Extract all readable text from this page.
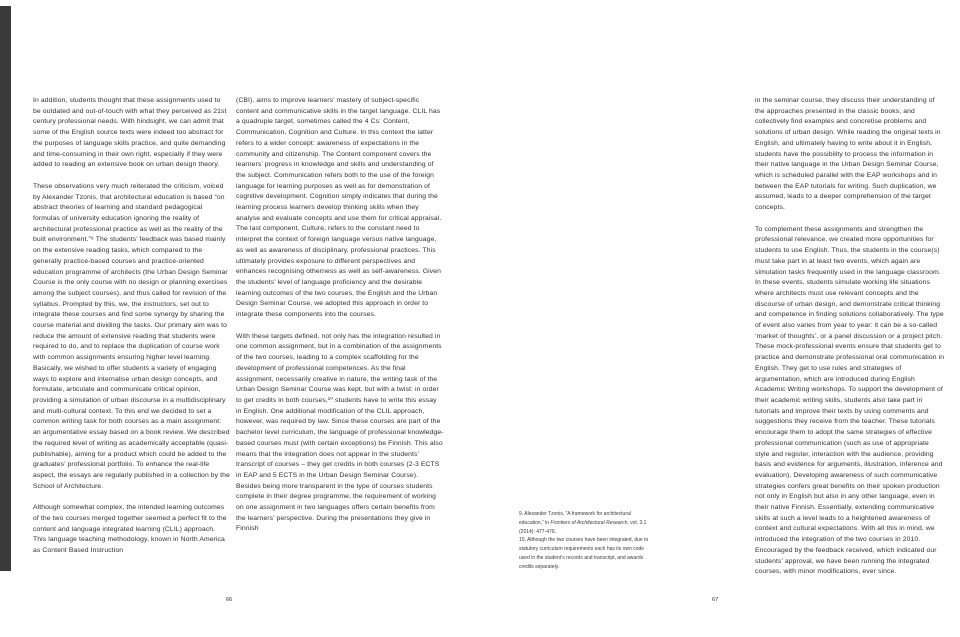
In addition, students thought that these assignments used to be outdated and out-of-touch with what they perceived as 21st century professional needs. With hindsight, we can admit that some of the English source texts were indeed too abstract for the purposes of language skills practice, and quite demanding and time-consuming in their own right, especially if they were added to reading an extensive book on urban design theory.

These observations very much reiterated the criticism, voiced by Alexander Tzonis, that architectural education is based “on abstract theories of learning and standard pedagogical formulas of university education ignoring the reality of architectural professional practice as well as the reality of the built environment.”⁹ The students’ feedback was based mainly on the extensive reading tasks, which compared to the generally practice-based courses and practice-oriented education programme of architects (the Urban Design Seminar Course is the only course with no design or planning exercises among the subject courses), and thus called for revision of the syllabus. Prompted by this, we, the instructors, set out to integrate these courses and find some synergy by sharing the course material and dividing the tasks. Our primary aim was to reduce the amount of extensive reading that students were required to do, and to replace the duplication of course work with common assignments ensuring higher level learning. Basically, we wished to offer students a variety of engaging ways to explore and internalise urban design concepts, and formulate, articulate and communicate critical opinion, providing a simulation of urban discourse in a multidisciplinary and multi-cultural context. To this end we decided to set a common writing task for both courses as a main assignment: an argumentative essay based on a book review. We described the required level of writing as academically acceptable (quasi-publishable), aiming for a product which could be added to the graduates’ professional portfolio. To enhance the real-life aspect, the essays are regularly published in a collection by the School of Architecture.

Although somewhat complex, the intended learning outcomes of the two courses merged together seemed a perfect fit to the content and language integrated learning (CLIL) approach. This language teaching methodology, known in North America as Content Based Instruction

(CBI), aims to improve learners’ mastery of subject-specific content and communicative skills in the target language. CLIL has a quadruple target, sometimes called the 4 Cs: Content, Communication, Cognition and Culture. In this context the latter refers to a wider concept: awareness of expectations in the community and citizenship. The Content component covers the learners’ progress in knowledge and skills and understanding of the subject. Communication refers both to the use of the foreign language for learning purposes as well as for demonstration of cognitive development. Cognition simply indicates that during the learning process learners develop thinking skills when they analyse and evaluate concepts and use them for critical appraisal. The last component, Culture, refers to the constant need to interpret the context of foreign language versus native language, as well as awareness of disciplinary, professional practices. This ultimately provides exposure to different perspectives and enhances recognising otherness as well as self-awareness. Given the students’ level of language proficiency and the desirable learning outcomes of the two courses, the English and the Urban Design Seminar Course, we adopted this approach in order to integrate these components into the courses.

With these targets defined, not only has the integration resulted in one common assignment, but in a combination of the assignments of the two courses, leading to a complex scaffolding for the development of professional competences. As the final assignment, necessarily creative in nature, the writing task of the Urban Design Seminar Course was kept, but with a twist: in order to get credits in both courses,¹⁰ students have to write this essay in English. One additional modification of the CLIL approach, however, was required by law. Since these courses are part of the bachelor level curriculum, the language of professional knowledge-based courses must (with certain exceptions) be Finnish. This also means that the integration does not appear in the students’ transcript of courses – they get credits in both courses (2-3 ECTS in EAP and 5 ECTS in the Urban Design Seminar Course). Besides being more transparent in the type of courses students complete in their degree programme, the requirement of working on one assignment in two languages offers certain benefits from the learners’ perspective. During the presentations they give in Finnish

66

in the seminar course, they discuss their understanding of the approaches presented in the classic books, and collectively find examples and concretise problems and solutions of urban design. While reading the original texts in English, and ultimately having to write about it in English, students have the possibility to process the information in their native language in the Urban Design Seminar Course, which is scheduled parallel with the EAP workshops and in between the EAP tutorials for writing. Such duplication, we assumed, leads to a deeper comprehension of the target concepts.

To complement these assignments and strengthen the professional relevance, we created more opportunities for students to use English. Thus, the students in the course(s) must take part in at least two events, which again are simulation tasks frequently used in the language classroom. In these events, students simulate working life situations where architects must use relevant concepts and the discourse of urban design, and demonstrate critical thinking and competence in finding solutions collaboratively. The type of event also varies from year to year: it can be a so-called ‘market of thoughts’, or a panel discussion or a project pitch. These mock-professional events ensure that students get to practice and demonstrate professional oral communication in English. They get to use rules and strategies of argumentation, which are introduced during English Academic Writing workshops. To support the development of their academic writing skills, students also take part in tutorials and improve their texts by using comments and suggestions they receive from the teacher. These tutorials encourage them to adopt the same strategies of effective professional communication (such as use of appropriate style and register, interaction with the audience, providing basis and evidence for arguments, illustration, inference and evaluation). Developing awareness of such communicative strategies confers great benefits on their spoken production not only in English but also in any other language, even in their native Finnish. Essentially, extending communicative skills at such a level leads to a heightened awareness of context and cultural expectations. With all this in mind, we introduced the integration of the two courses in 2010. Encouraged by the feedback received, which indicated our students’ approval, we have been running the integrated courses, with minor modifications, ever since.

9. Alexander Tzonis, “A framework for architectural education,” in Frontiers of Architectural Research, vol. 3.1 (2014): 477-479.

10. Although the two courses have been integrated, due to statutory curriculum requirements each has its own code used in the student’s records and transcript, and awards credits separately.

67
